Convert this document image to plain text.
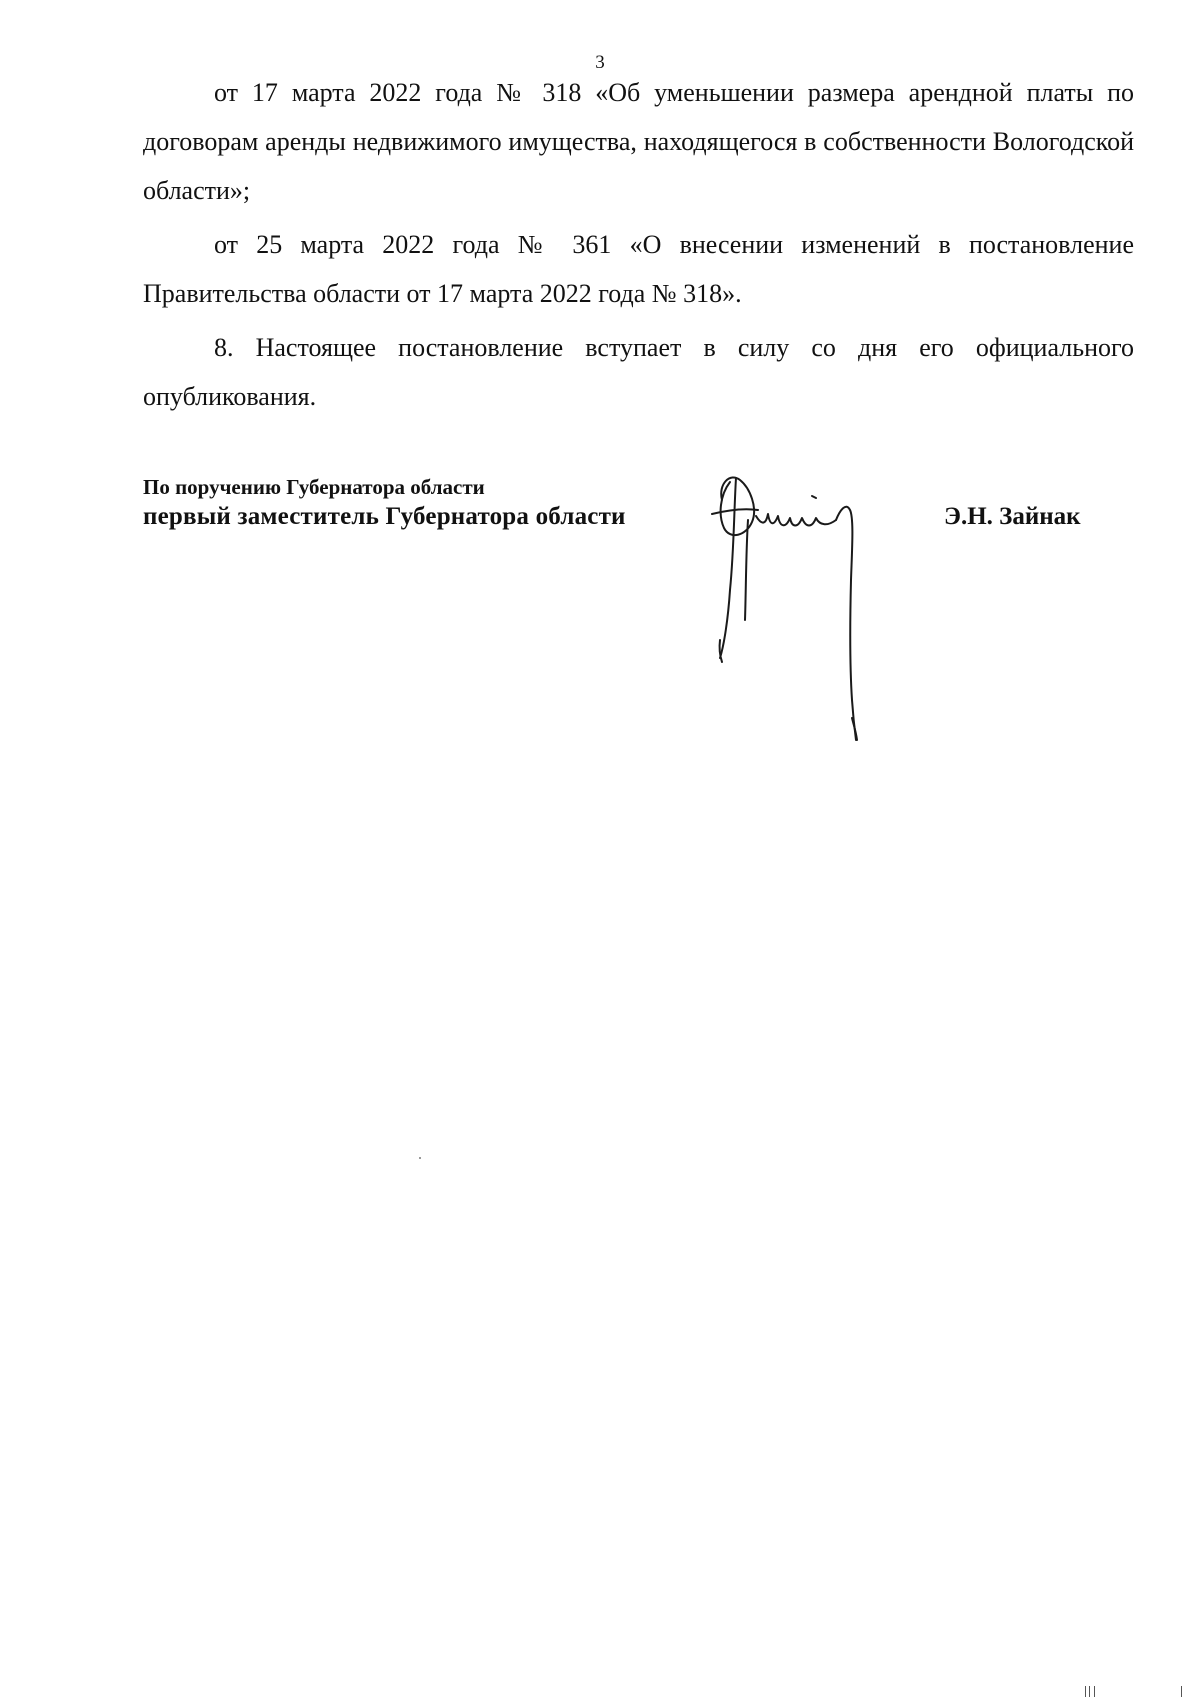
3

от 17 марта 2022 года № 318 «Об уменьшении размера арендной платы по договорам аренды недвижимого имущества, находящегося в собственности Вологодской области»;

от 25 марта 2022 года № 361 «О внесении изменений в постановление Правительства области от 17 марта 2022 года № 318».

8. Настоящее постановление вступает в силу со дня его официального опубликования.

По поручению Губернатора области
первый заместитель Губернатора области	Э.Н. Зайнак
